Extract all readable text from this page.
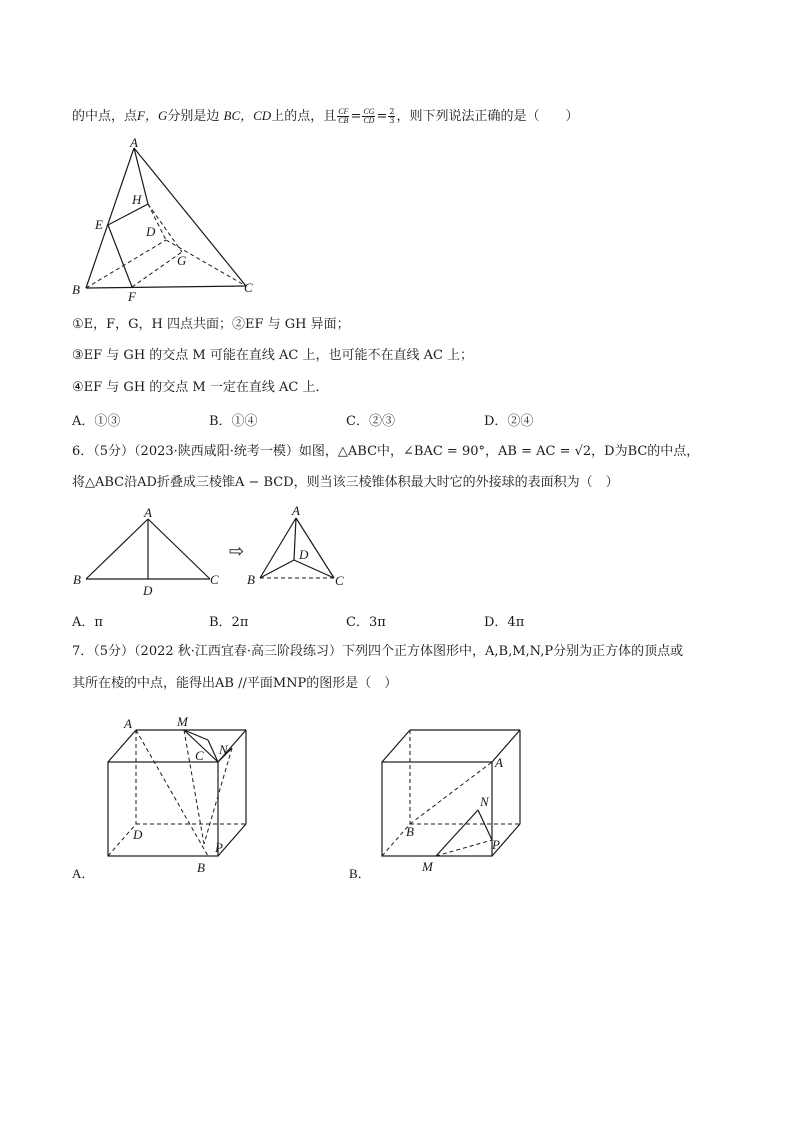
的中点，点F，G分别是边 BC，CD上的点，且 $\frac{CF}{CB} = \frac{CG}{CD} = \frac{2}{3}$ ，则下列说法正确的是（　　）
A
B	C
D
E
F
G
H
①E，F，G，H 四点共面；②EF 与 GH 异面；
③EF 与 GH 的交点 M 可能在直线 AC 上，也可能不在直线 AC 上；
④EF 与 GH 的交点 M 一定在直线 AC 上．
A．①③	B．①④	C．②③	D．②④
6．（5分）（2023·陕西咸阳·统考一模）如图，△ABC中，∠BAC = 90°，AB = AC = √2，D为BC的中点，
将△ABC沿AD折叠成三棱锥A − BCD，则当该三棱锥体积最大时它的外接球的表面积为（　）
A
B	C
D
⇨
A
B	C
D
A．π	B．2π	C．3π	D．4π
7．（5分）（2022 秋·江西宜春·高三阶段练习）下列四个正方体图形中，A,B,M,N,P分别为正方体的顶点或
其所在棱的中点，能得出AB //平面MNP的图形是（　）
A	M
C N
D
P
B
A．
A
N
B
P
M
B．
